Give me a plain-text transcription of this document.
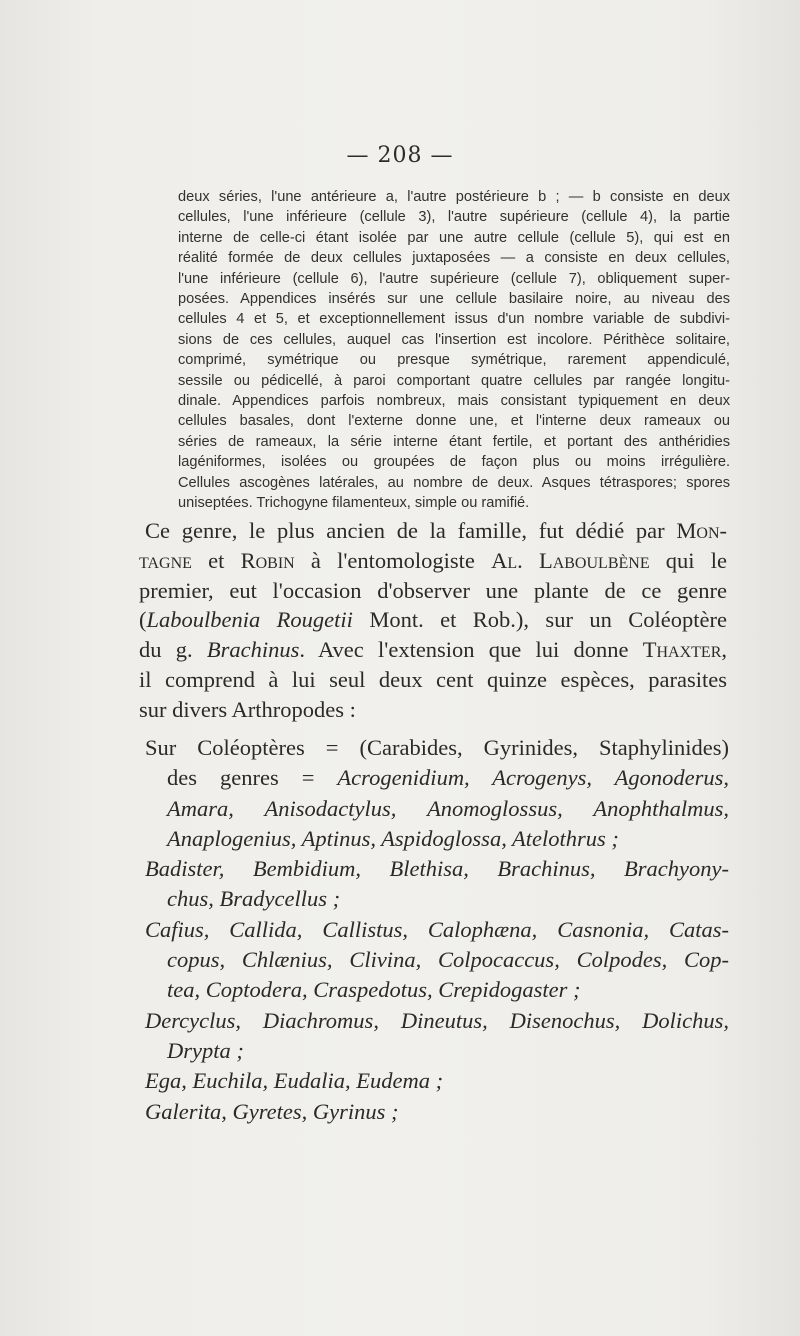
— 208 —
deux séries, l'une antérieure a, l'autre postérieure b ; — b consiste en deux
cellules, l'une inférieure (cellule 3), l'autre supérieure (cellule 4), la partie
interne de celle-ci étant isolée par une autre cellule (cellule 5), qui est en
réalité formée de deux cellules juxtaposées — a consiste en deux cellules,
l'une inférieure (cellule 6), l'autre supérieure (cellule 7), obliquement super-
posées. Appendices insérés sur une cellule basilaire noire, au niveau des
cellules 4 et 5, et exceptionnellement issus d'un nombre variable de subdivi-
sions de ces cellules, auquel cas l'insertion est incolore. Périthèce solitaire,
comprimé, symétrique ou presque symétrique, rarement appendiculé,
sessile ou pédicellé, à paroi comportant quatre cellules par rangée longitu-
dinale. Appendices parfois nombreux, mais consistant typiquement en deux
cellules basales, dont l'externe donne une, et l'interne deux rameaux ou
séries de rameaux, la série interne étant fertile, et portant des anthéridies
lagéniformes, isolées ou groupées de façon plus ou moins irrégulière.
Cellules ascogènes latérales, au nombre de deux. Asques tétraspores; spores
uniseptées. Trichogyne filamenteux, simple ou ramifié.
Ce genre, le plus ancien de la famille, fut dédié par Mon-
tagne et Robin à l'entomologiste Al. Laboulbène qui le
premier, eut l'occasion d'observer une plante de ce genre
(Laboulbenia Rougetii Mont. et Rob.), sur un Coléoptère
du g. Brachinus. Avec l'extension que lui donne Thaxter,
il comprend à lui seul deux cent quinze espèces, parasites
sur divers Arthropodes :
Sur Coléoptères = (Carabides, Gyrinides, Staphylinides)
des genres = Acrogenidium, Acrogenys, Agonoderus,
Amara, Anisodactylus, Anomoglossus, Anophthalmus,
Anaplogenius, Aptinus, Aspidoglossa, Atelothrus ;
Badister, Bembidium, Blethisa, Brachinus, Brachyony-
chus, Bradycellus ;
Cafius, Callida, Callistus, Calophæna, Casnonia, Catas-
copus, Chlænius, Clivina, Colpocaccus, Colpodes, Cop-
tea, Coptodera, Craspedotus, Crepidogaster ;
Dercyclus, Diachromus, Dineutus, Disenochus, Dolichus,
Drypta ;
Ega, Euchila, Eudalia, Eudema ;
Galerita, Gyretes, Gyrinus ;
